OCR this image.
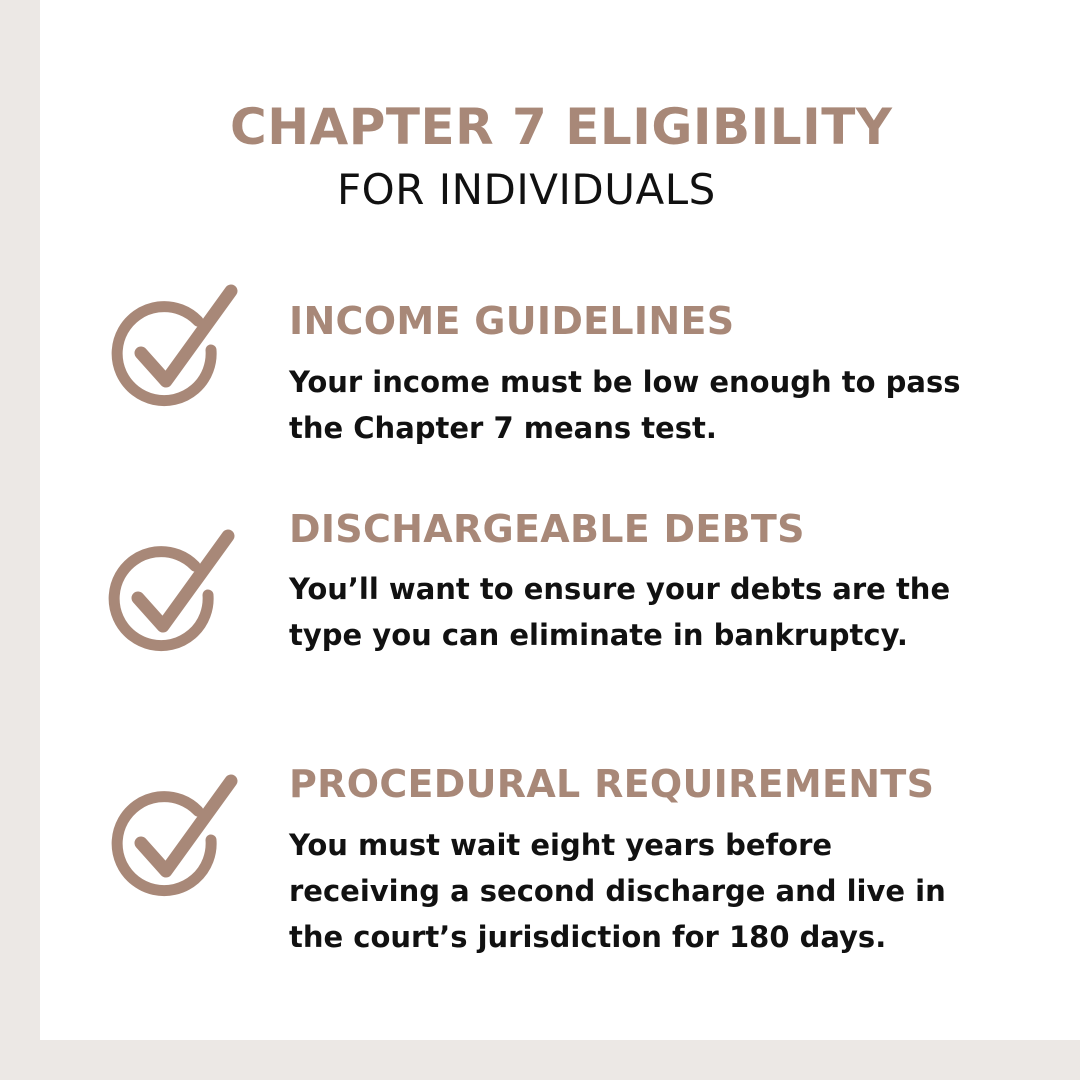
CHAPTER 7 ELIGIBILITY
FOR INDIVIDUALS
INCOME GUIDELINES
Your income must be low enough to pass the Chapter 7 means test.
DISCHARGEABLE DEBTS
You’ll want to ensure your debts are the type you can eliminate in bankruptcy.
PROCEDURAL REQUIREMENTS
You must wait eight years before receiving a second discharge and live in the court’s jurisdiction for 180 days.
